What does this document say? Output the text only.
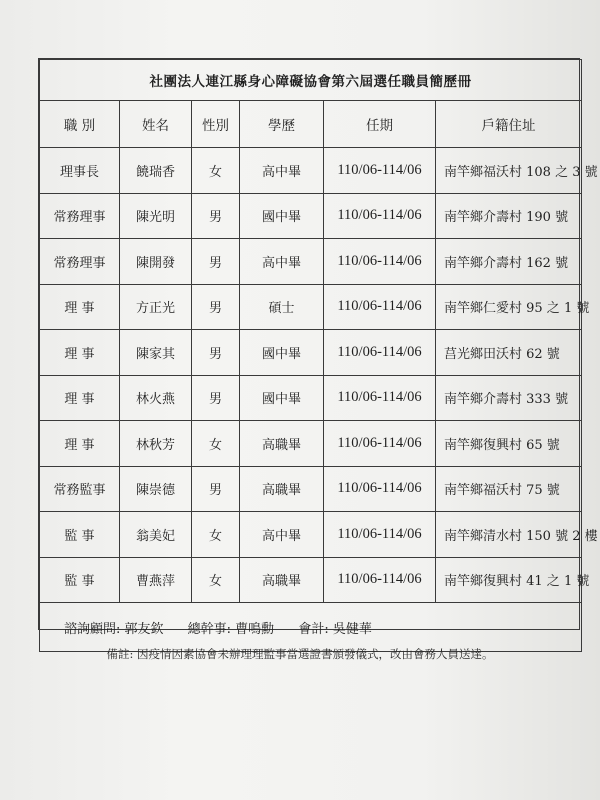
社團法人連江縣身心障礙協會第六屆選任職員簡歷冊					
職 別	姓名	性別	學歷	任期	戶籍住址
理事長	饒瑞香	女	高中畢	110/06-114/06	南竿鄉福沃村 108 之 3 號
常務理事	陳光明	男	國中畢	110/06-114/06	南竿鄉介壽村 190 號
常務理事	陳開發	男	高中畢	110/06-114/06	南竿鄉介壽村 162 號
理 事	方正光	男	碩士	110/06-114/06	南竿鄉仁愛村 95 之 1 號
理 事	陳家其	男	國中畢	110/06-114/06	莒光鄉田沃村 62 號
理 事	林火燕	男	國中畢	110/06-114/06	南竿鄉介壽村 333 號
理 事	林秋芳	女	高職畢	110/06-114/06	南竿鄉復興村 65 號
常務監事	陳崇德	男	高職畢	110/06-114/06	南竿鄉福沃村 75 號
監 事	翁美妃	女	高中畢	110/06-114/06	南竿鄉清水村 150 號 2 樓
監 事	曹燕萍	女	高職畢	110/06-114/06	南竿鄉復興村 41 之 1 號
諮詢顧問: 郭友欽 總幹事: 曹鳴勳 會計: 吳健華					
備註: 因疫情因素協會未辦理理監事當選證書頒發儀式，改由會務人員送達。
